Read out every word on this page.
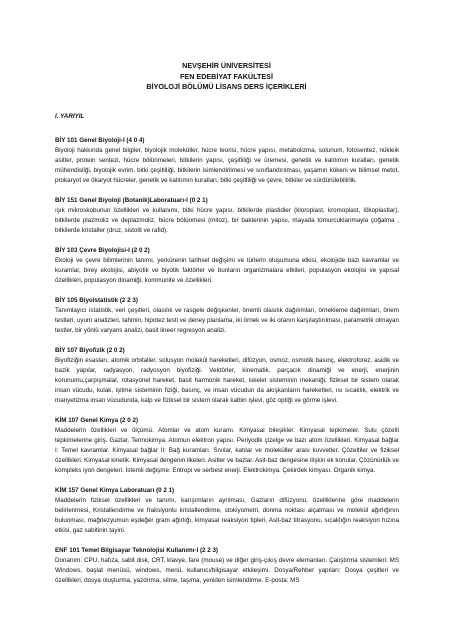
NEVŞEHİR ÜNİVERSİTESİ
FEN EDEBİYAT FAKÜLTESİ
BİYOLOJİ BÖLÜMÜ LİSANS DERS İÇERİKLERİ
I. YARIYIL
BİY 101 Genel Biyoloji-I (4 0 4)
Biyoloji hakkında genel bilgiler, biyolojik moleküller, hücre teorisi, hücre yapısı, metabolizma, solunum, fotosentez, nükleik asitler, protein sentezi, hücre bölünmeleri, bitkilerin yapısı, çeşitliliği ve üremesi, genetik ve kalıtımın kuralları, genetik mühendisliği, biyolojik evrim, bitki çeşitliliği, bitkilerin isimlendirilmesi ve sınıflandırılması, yaşamın kökeni ve bilimsel metot, prokaryot ve ökaryot hücreler, genetik ve kalıtımın kuralları, bitki çeşitliliği ve çevre, bitkiler ve sürdürülebilirlik.
BİY 151 Genel Biyoloji (Botanik)Laboratuarı-I (0 2 1)
ışık mikroskobunun özellikleri ve kullanımı, bitki hücre yapısı, bitkilerde plastidler (kloroplast, kromoplast, lökoplastlar), bitkilerde plazmoliz ve deplazmoliz, hücre bölünmesi (mitoz), bir bakterinin yapısı, mayada tomurcuklanmayla çoğalma , bitkilerde kristaller (druz, sistolit ve rafid).
BİY 103 Çevre Biyolojisi-I (2 0 2)
Ekoloji ve çevre bilimlerinin tanımı, yerkürenin tarihsel değişimi ve türlerin oluşumuna etkisi, ekolojide bazı kavramlar ve kuramlar, birey ekolojisi, abiyotik ve biyotik faktörler ve bunların organizmalara etkileri, populasyon ekolojisi ve yapısal özellikleri, populasyon dinamiği, kommunite ve özellikleri.
BİY 105 Biyoistatistik (2 2 3)
Tanımlayıcı istatistik, veri çeşitleri, olasılık ve rasgele değişkenler, önemli olasılık dağılımları, örnekleme dağılımları, önem testleri, uyum analizleri, tahmin, hipotez testi ve deney planlama, iki örnek ve iki oranın karşılaştırılması, parametrik olmayan testler, bir yönlü varyans analizi, basit lineer regresyon analizi.
BİY 107 Biyofizik (2 0 2)
Biyofiziğin esasları, atomik orbitaller, solusyon molekül hareketleri, difüzyon, osmoz, osmotik basınç, elektroforez, asidik ve bazik yapılar, radyasyon, radyosyon biyofiziği. Vektörler, kinematik, parçacık dinamiği ve enerji, enerjinin korunumu,çarpışmalar, rotasyonel hareket, basit harmonik hareket, iskelet sisteminin mekaniği, fiziksel bir sistem olarak insan vücudu, kulak, işitme sisteminin fiziği, basınç, ve insan vücudun da akışkanların hareketleri, ısı sıcaklık, elektrik ve manyetizma insan vücudunda, kalp ve fiziksel bir sistem olarak kalbin işlevi, göz optiği ve görme işlevi.
KİM 107 Genel Kimya (2 0 2)
Maddelerin özellikleri ve ölçümü. Atomlar ve atom kuramı. Kimyasal bileşikler. Kimyasal tepkimeler. Sulu çözelti tepkimelerine giriş. Gazlar. Termokimya. Atomun elektron yapısı. Periyodik çizelge ve bazı atom özellikleri. Kimyasal bağlar I: Temel kavramlar. Kimyasal bağlar II: Bağ kuramları. Sıvılar, katılar ve moleküller arası kuvvetler. Çözeltiler ve fiziksel özellikleri. Kimyasal kinetik. Kimyasal dengenin ilkeleri. Asitler ve bazlar. Asit-baz dengesine ilişkin ek konular. Çözünürlük ve kompleks iyon dengeleri. İstemli değişme: Entropi ve serbest enerji. Elektrokimya. Çekirdek kimyası. Organik kimya.
KİM 157 Genel Kimya Laboratuarı (0 2 1)
Maddelerin fiziksel özellikleri ve tanımı, karışımların ayrılması, Gazların difüzyonu, özelliklerine göre maddelerin belirlenmesi, Kristallendirme ve fraksiyonlu kristallendirme, stokiyometri, donma noktası alçalması ve molekül ağırlığının bulunması, mağnezyumun eşdeğer gram ağırlığı, kimyasal reaksiyon tipleri, Asit-baz titrasyonu, sıcaklığın reaksiyon hızına etkisi, gaz sabitinin tayini.
ENF 101 Temel Bilgisayar Teknolojisi Kullanımı-I (2 2 3)
Donanım: CPU, hafıza, sabit disk, CRT, klavye, fare (mouse) ve diğer giriş-çıkış devre elemanları. Çalıştırma sistemleri: MS Windows, başlat menüsü, windows, menü, kullanıcı/bilgisayar etkileşimi. Dosya/Rehber yapıları: Dosya çeşitleri ve özellikleri, dosya oluşturma, yazdırma, silme, taşıma, yeniden isimlendirme. E-posta: MS
